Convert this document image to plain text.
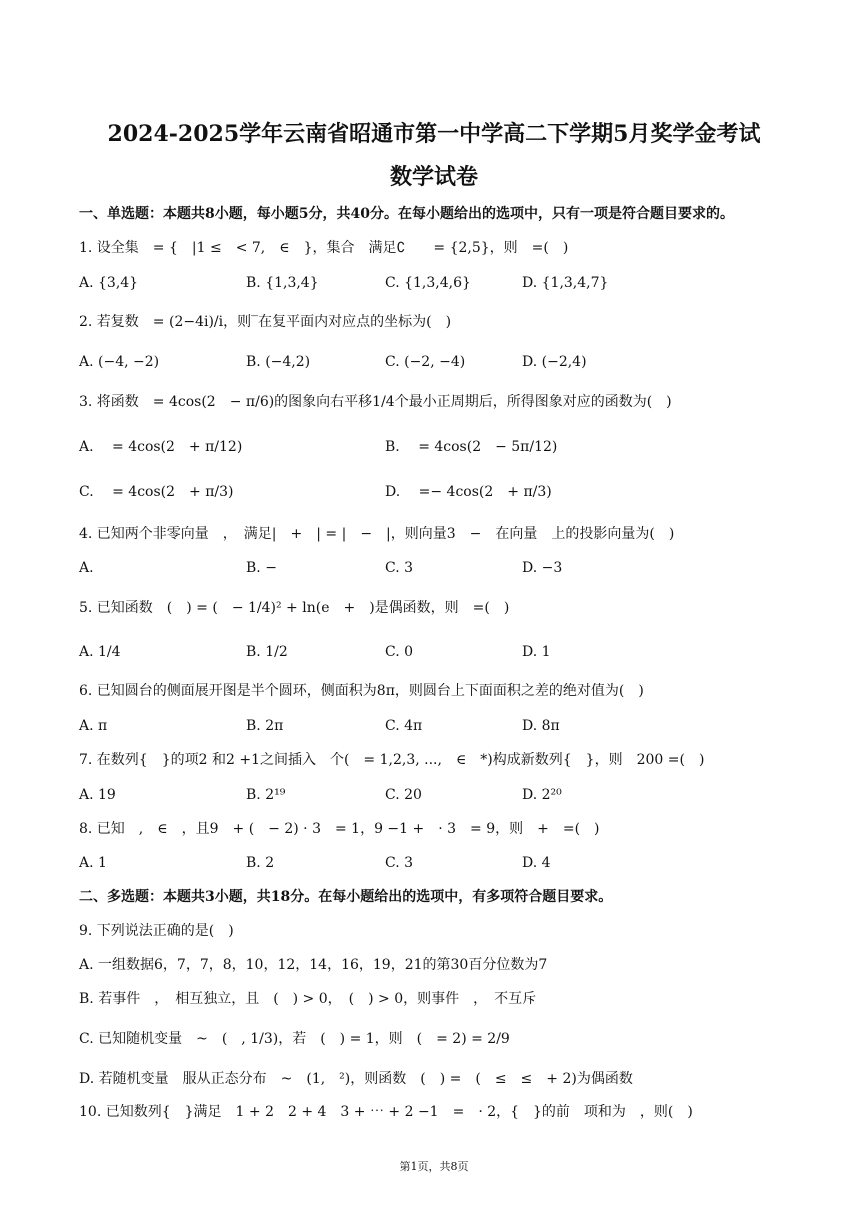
2024-2025学年云南省昭通市第一中学高二下学期5月奖学金考试
数学试卷
一、单选题：本题共8小题，每小题5分，共40分。在每小题给出的选项中，只有一项是符合题目要求的。
1. 设全集　= {　|1 ≤　< 7,　∈　}，集合　满足∁　　= {2,5}，则　=(　)
A. {3,4}	B. {1,3,4}	C. {1,3,4,6}	D. {1,3,4,7}
2. 若复数　= (2−4i)/i，则‾在复平面内对应点的坐标为(　)
A. (−4, −2)	B. (−4,2)	C. (−2, −4)	D. (−2,4)
3. 将函数　= 4cos(2　− π/6)的图象向右平移1/4个最小正周期后，所得图象对应的函数为(　)
A. 　= 4cos(2　+ π/12)	B. 　= 4cos(2　− 5π/12)
C. 　= 4cos(2　+ π/3)	D. 　=− 4cos(2　+ π/3)
4. 已知两个非零向量　，　满足|　+　| = |　−　|，则向量3　−　在向量　上的投影向量为(　)
A.	B. −	C. 3	D. −3
5. 已知函数　(　) = (　− 1/4)² + ln(e　+　)是偶函数，则　=(　)
A. 1/4	B. 1/2	C. 0	D. 1
6. 已知圆台的侧面展开图是半个圆环，侧面积为8π，则圆台上下面面积之差的绝对值为(　)
A. π	B. 2π	C. 4π	D. 8π
7. 在数列{　}的项2 和2 +1之间插入　个(　= 1,2,3, ...,　∈　*)构成新数列{　}，则　200 =(　)
A. 19	B. 2¹⁹	C. 20	D. 2²⁰
8. 已知　,　∈　，且9　+ (　− 2) · 3　= 1，9 −1 +　· 3　= 9，则　+　=(　)
A. 1	B. 2	C. 3	D. 4
二、多选题：本题共3小题，共18分。在每小题给出的选项中，有多项符合题目要求。
9. 下列说法正确的是(　)
A. 一组数据6，7，7，8，10，12，14，16，19，21的第30百分位数为7
B. 若事件　，　相互独立，且　(　) > 0，　(　) > 0，则事件　，　不互斥
C. 已知随机变量　~　(　, 1/3)，若　(　) = 1，则　(　= 2) = 2/9
D. 若随机变量　服从正态分布　~　(1,　²)，则函数　(　) =　(　≤　≤　+ 2)为偶函数
10. 已知数列{　}满足　1 + 2　2 + 4　3 + ⋯ + 2 −1　=　· 2，{　}的前　项和为　，则(　)
第1页，共8页
